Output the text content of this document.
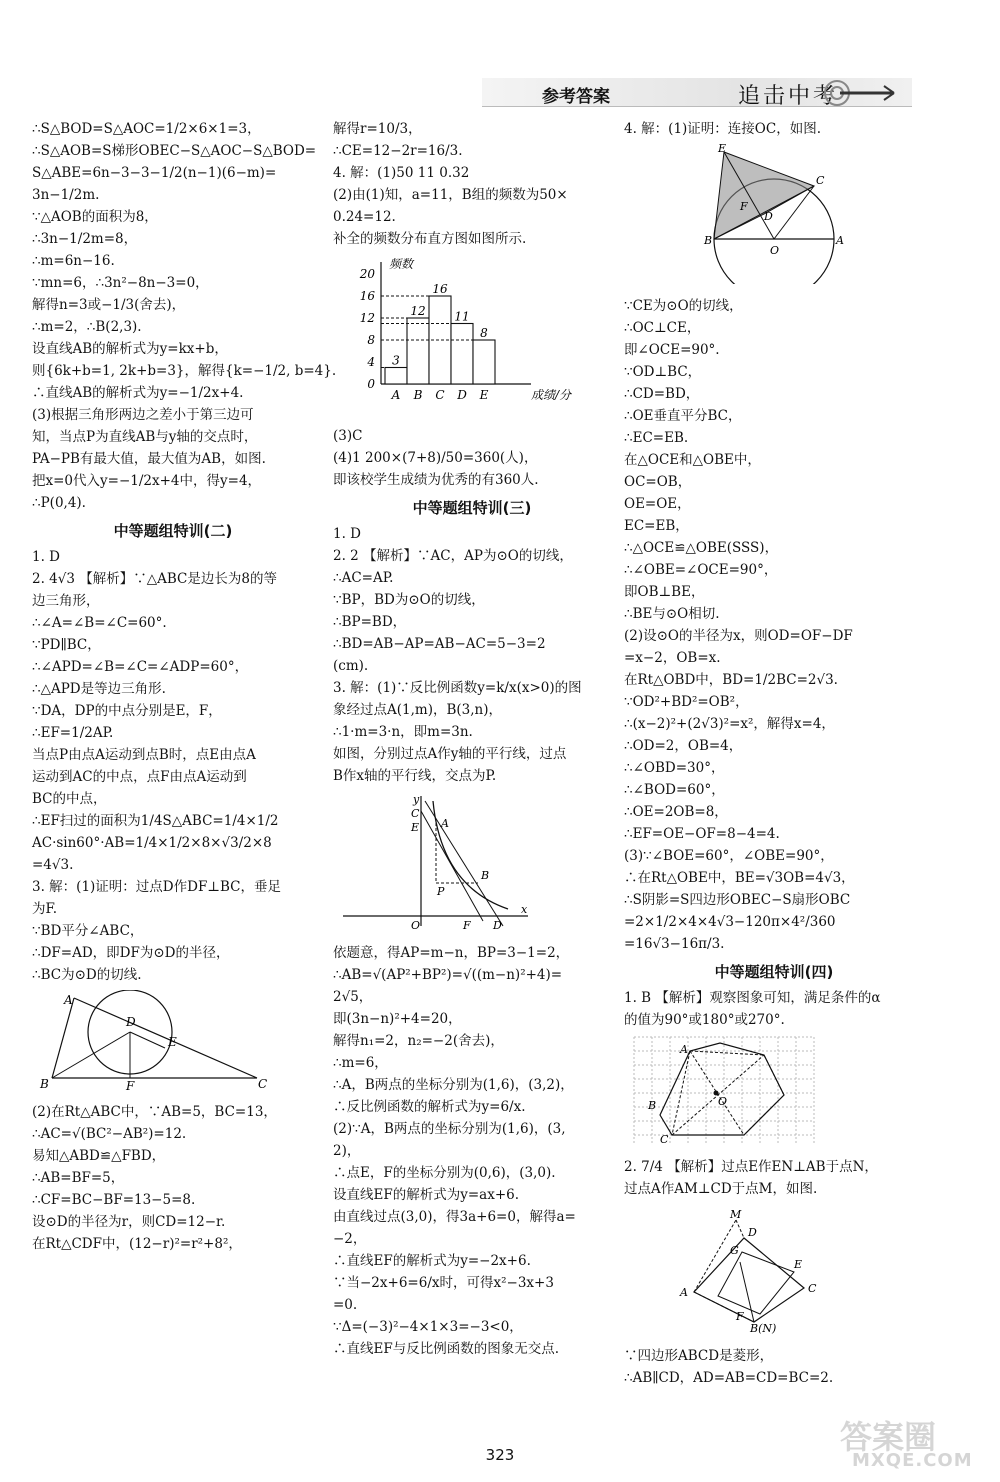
参考答案	追击中考
∴S△BOD=S△AOC=1/2×6×1=3，
∴S△AOB=S梯形OBEC−S△AOC−S△BOD=
S△ABE=6n−3−3−1/2(n−1)(6−m)=
3n−1/2m.
∵△AOB的面积为8，
∴3n−1/2m=8，
∴m=6n−16.
∵mn=6，∴3n²−8n−3=0，
解得n=3或−1/3(舍去)，
∴m=2，∴B(2,3).
设直线AB的解析式为y=kx+b，
则{6k+b=1, 2k+b=3}，解得{k=−1/2, b=4}.
∴直线AB的解析式为y=−1/2x+4.
(3)根据三角形两边之差小于第三边可
知，当点P为直线AB与y轴的交点时，
PA−PB有最大值，最大值为AB，如图.
把x=0代入y=−1/2x+4中，得y=4，
∴P(0,4).
中等题组特训(二)
1. D
2. 4√3 【解析】∵△ABC是边长为8的等
边三角形，
∴∠A=∠B=∠C=60°.
∵PD∥BC，
∴∠APD=∠B=∠C=∠ADP=60°，
∴△APD是等边三角形.
∵DA，DP的中点分别是E，F，
∴EF=1/2AP.
当点P由点A运动到点B时，点E由点A
运动到AC的中点，点F由点A运动到
BC的中点，
∴EF扫过的面积为1/4S△ABC=1/4×1/2
AC·sin60°·AB=1/4×1/2×8×√3/2×8
=4√3.
3. 解：(1)证明：过点D作DF⊥BC，垂足
为F.
∵BD平分∠ABC，
∴DF=AD，即DF为⊙D的半径，
∴BC为⊙D的切线.
A
B	C
D
E
F
(2)在Rt△ABC中，∵AB=5，BC=13，
∴AC=√(BC²−AB²)=12.
易知△ABD≌△FBD，
∴AB=BF=5，
∴CF=BC−BF=13−5=8.
设⊙D的半径为r，则CD=12−r.
在Rt△CDF中，(12−r)²=r²+8²，
解得r=10/3，
∴CE=12−2r=16/3.
4. 解：(1)50 11 0.32
(2)由(1)知，a=11，B组的频数为50×
0.24=12.
补全的频数分布直方图如图所示.
0
4
8
12
16
20
3
A
12
B
16
C
11
D
8
E
频数
成绩/分
(3)C
(4)1 200×(7+8)/50=360(人)，
即该校学生成绩为优秀的有360人.
中等题组特训(三)
1. D
2. 2 【解析】∵AC，AP为⊙O的切线，
∴AC=AP.
∵BP，BD为⊙O的切线，
∴BP=BD，
∴BD=AB−AP=AB−AC=5−3=2
(cm).
3. 解：(1)∵反比例函数y=k/x(x>0)的图
象经过点A(1,m)，B(3,n)，
∴1·m=3·n，即m=3n.
如图，分别过点A作y轴的平行线，过点
B作x轴的平行线，交点为P.
y
C
E A
P
B
O	F D
x
依题意，得AP=m−n，BP=3−1=2，
∴AB=√(AP²+BP²)=√((m−n)²+4)=
2√5，
即(3n−n)²+4=20，
解得n₁=2，n₂=−2(舍去)，
∴m=6，
∴A，B两点的坐标分别为(1,6)，(3,2)，
∴反比例函数的解析式为y=6/x.
(2)∵A，B两点的坐标分别为(1,6)，(3,
2)，
∴点E，F的坐标分别为(0,6)，(3,0).
设直线EF的解析式为y=ax+6.
由直线过点(3,0)，得3a+6=0，解得a=
−2，
∴直线EF的解析式为y=−2x+6.
∵当−2x+6=6/x时，可得x²−3x+3
=0.
∵Δ=(−3)²−4×1×3=−3<0，
∴直线EF与反比例函数的图象无交点.
4. 解：(1)证明：连接OC，如图.
E
C
F
D
B
O
A
∵CE为⊙O的切线，
∴OC⊥CE，
即∠OCE=90°.
∵OD⊥BC，
∴CD=BD，
∴OE垂直平分BC，
∴EC=EB.
在△OCE和△OBE中，
OC=OB，
OE=OE，
EC=EB，
∴△OCE≌△OBE(SSS)，
∴∠OBE=∠OCE=90°，
即OB⊥BE，
∴BE与⊙O相切.
(2)设⊙O的半径为x，则OD=OF−DF
=x−2，OB=x.
在Rt△OBD中，BD=1/2BC=2√3.
∵OD²+BD²=OB²，
∴(x−2)²+(2√3)²=x²，解得x=4，
∴OD=2，OB=4，
∴∠OBD=30°，
∴∠BOD=60°，
∴OE=2OB=8，
∴EF=OE−OF=8−4=4.
(3)∵∠BOE=60°，∠OBE=90°，
∴在Rt△OBE中，BE=√3OB=4√3，
∴S阴影=S四边形OBEC−S扇形OBC
=2×1/2×4×4√3−120π×4²/360
=16√3−16π/3.
中等题组特训(四)
1. B 【解析】观察图象可知，满足条件的α
的值为90°或180°或270°.
A
B
C
O
2. 7/4 【解析】过点E作EN⊥AB于点N，
过点A作AM⊥CD于点M，如图.
M
D
G
A	C
E
F
B(N)
∵四边形ABCD是菱形，
∴AB∥CD，AD=AB=CD=BC=2.
323	答案圈
MXQE.COM
